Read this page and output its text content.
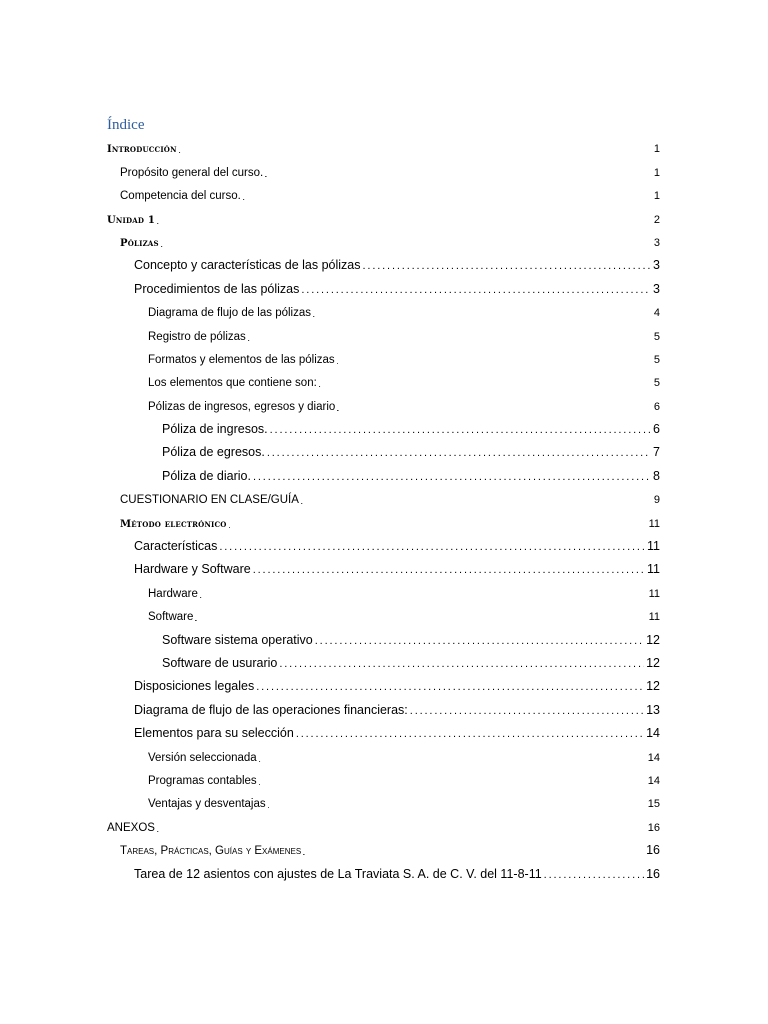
Índice
Introducción . . .	1
Propósito general del curso. . . .	1
Competencia del curso. . . .	1
Unidad 1 . . .	2
Pólizas . . .	3
Concepto y características de las pólizas . . .	3
Procedimientos de las pólizas . . .	3
Diagrama de flujo de las pólizas . . .	4
Registro de pólizas . . .	5
Formatos y elementos de las pólizas . . .	5
Los elementos que contiene son: . . .	5
Pólizas de ingresos, egresos y diario . . .	6
Póliza de ingresos. . . .	6
Póliza de egresos. . . .	7
Póliza de diario. . . .	8
CUESTIONARIO EN CLASE/GUÍA . . .	9
Método electrónico . . .	11
Características . . .	11
Hardware y Software . . .	11
Hardware . . .	11
Software . . .	11
Software sistema operativo . . .	12
Software de usurario . . .	12
Disposiciones legales . . .	12
Diagrama de flujo de las operaciones financieras: . . .	13
Elementos para su selección . . .	14
Versión seleccionada . . .	14
Programas contables . . .	14
Ventajas y desventajas . . .	15
ANEXOS . . .	16
Tareas, Prácticas, Guías y Exámenes . . .	16
Tarea de 12 asientos con ajustes de La Traviata S. A. de C. V. del 11-8-11 . . .	16
